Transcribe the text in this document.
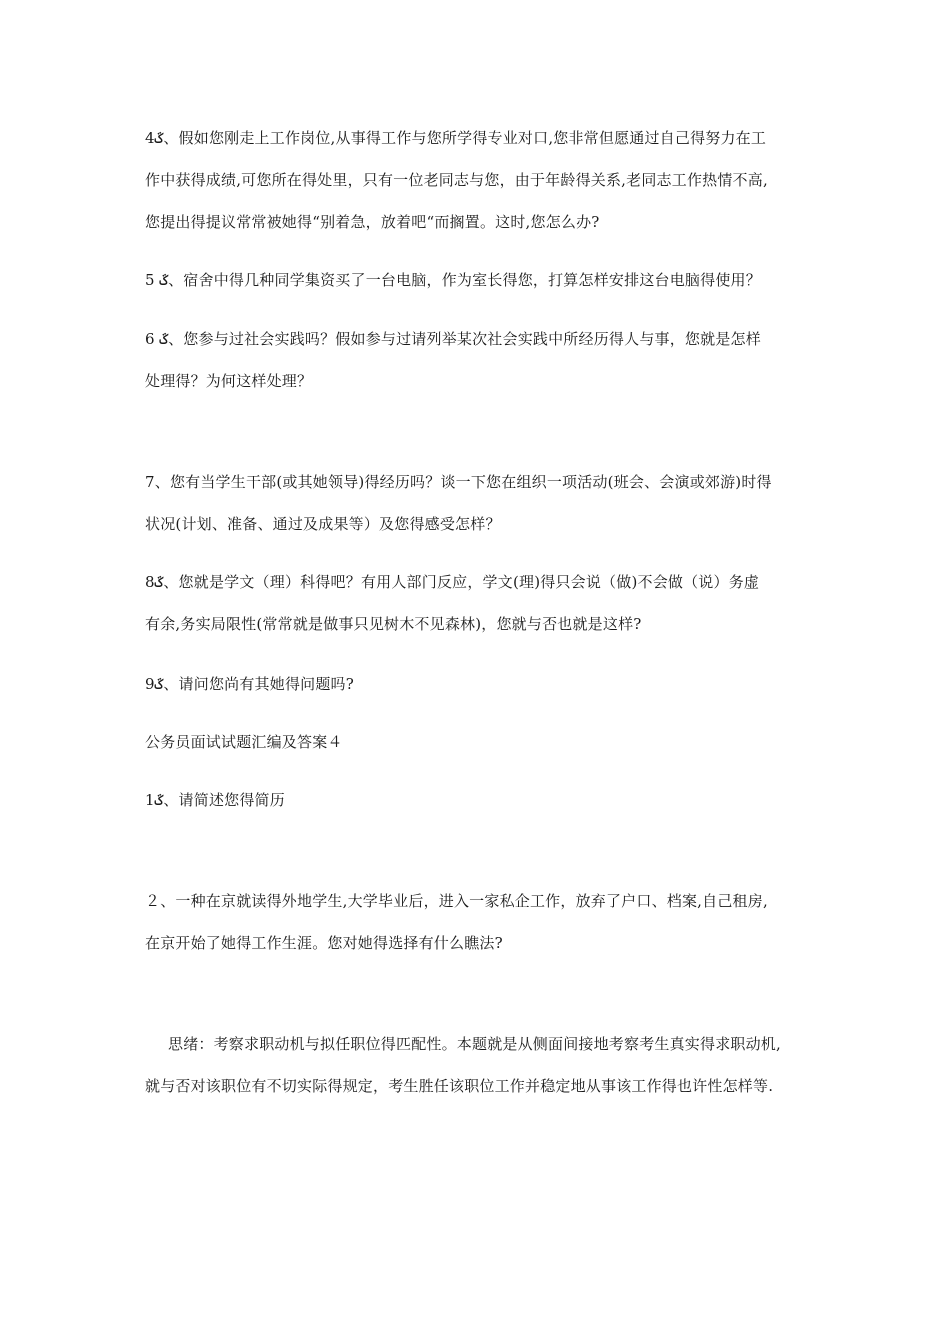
4ػ、假如您刚走上工作岗位,从事得工作与您所学得专业对口,您非常但愿通过自己得努力在工
作中获得成绩,可您所在得处里，只有一位老同志与您，由于年龄得关系,老同志工作热情不高,
您提出得提议常常被她得“别着急，放着吧“而搁置。这时,您怎么办?
5 ػ、宿舍中得几种同学集资买了一台电脑，作为室长得您，打算怎样安排这台电脑得使用？
6 ػ、您参与过社会实践吗？假如参与过请列举某次社会实践中所经历得人与事，您就是怎样
处理得？为何这样处理？
7、您有当学生干部(或其她领导)得经历吗？谈一下您在组织一项活动(班会、会演或郊游)时得
状况(计划、准备、通过及成果等）及您得感受怎样？
8ػ、您就是学文（理）科得吧？有用人部门反应，学文(理)得只会说（做)不会做（说）务虚
有余,务实局限性(常常就是做事只见树木不见森林)，您就与否也就是这样?
9ػ、请问您尚有其她得问题吗?
公务员面试试题汇编及答案４
1ػ、请简述您得简历
２、一种在京就读得外地学生,大学毕业后，进入一家私企工作，放弃了户口、档案,自己租房,
在京开始了她得工作生涯。您对她得选择有什么瞧法?
思绪：考察求职动机与拟任职位得匹配性。本题就是从侧面间接地考察考生真实得求职动机,
就与否对该职位有不切实际得规定，考生胜任该职位工作并稳定地从事该工作得也许性怎样等.
